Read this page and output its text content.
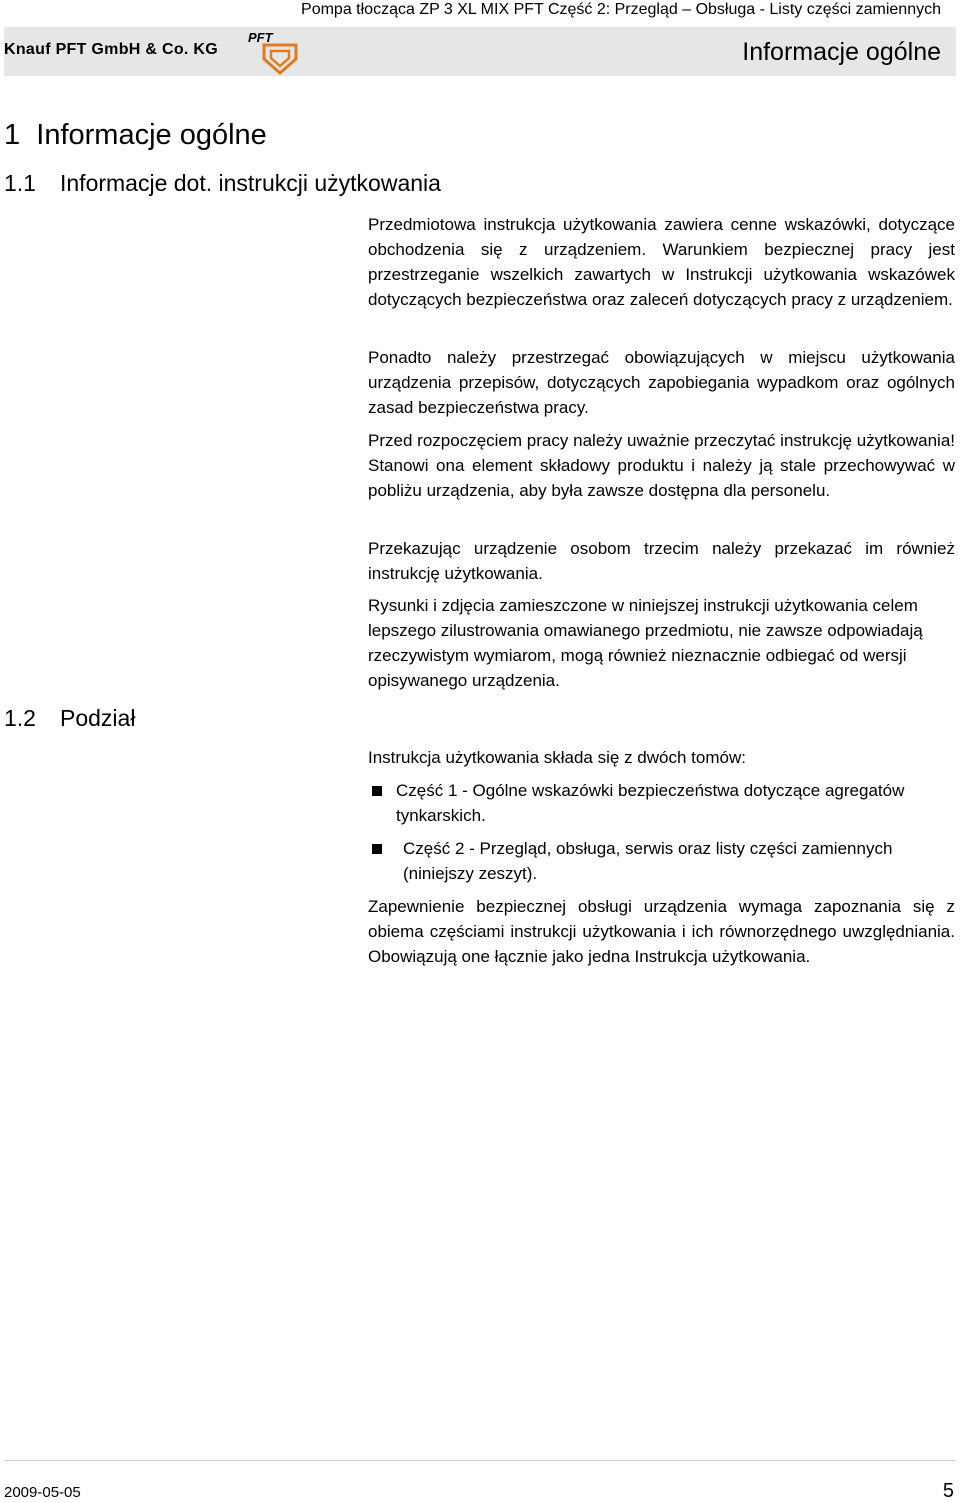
Pompa tłocząca ZP 3 XL MIX PFT Część 2: Przegląd – Obsługa - Listy części zamiennych
Knauf PFT GmbH & Co. KG
PFT
Informacje ogólne
1 Informacje ogólne
1.1 Informacje dot. instrukcji użytkowania

Przedmiotowa instrukcja użytkowania zawiera cenne wskazówki, dotyczące obchodzenia się z urządzeniem. Warunkiem bezpiecznej pracy jest przestrzeganie wszelkich zawartych w Instrukcji użytkowania wskazówek dotyczących bezpieczeństwa oraz zaleceń dotyczących pracy z urządzeniem.

Ponadto należy przestrzegać obowiązujących w miejscu użytkowania urządzenia przepisów, dotyczących zapobiegania wypadkom oraz ogólnych zasad bezpieczeństwa pracy.

Przed rozpoczęciem pracy należy uważnie przeczytać instrukcję użytkowania! Stanowi ona element składowy produktu i należy ją stale przechowywać w pobliżu urządzenia, aby była zawsze dostępna dla personelu.

Przekazując urządzenie osobom trzecim należy przekazać im również instrukcję użytkowania.

Rysunki i zdjęcia zamieszczone w niniejszej instrukcji użytkowania celem lepszego zilustrowania omawianego przedmiotu, nie zawsze odpowiadają rzeczywistym wymiarom, mogą również nieznacznie odbiegać od wersji opisywanego urządzenia.

1.2 Podział

Instrukcja użytkowania składa się z dwóch tomów:

Część 1 - Ogólne wskazówki bezpieczeństwa dotyczące agregatów tynkarskich.
Część 2 - Przegląd, obsługa, serwis oraz listy części zamiennych (niniejszy zeszyt).

Zapewnienie bezpiecznej obsługi urządzenia wymaga zapoznania się z obiema częściami instrukcji użytkowania i ich równorzędnego uwzględniania. Obowiązują one łącznie jako jedna Instrukcja użytkowania.

2009-05-05	5
